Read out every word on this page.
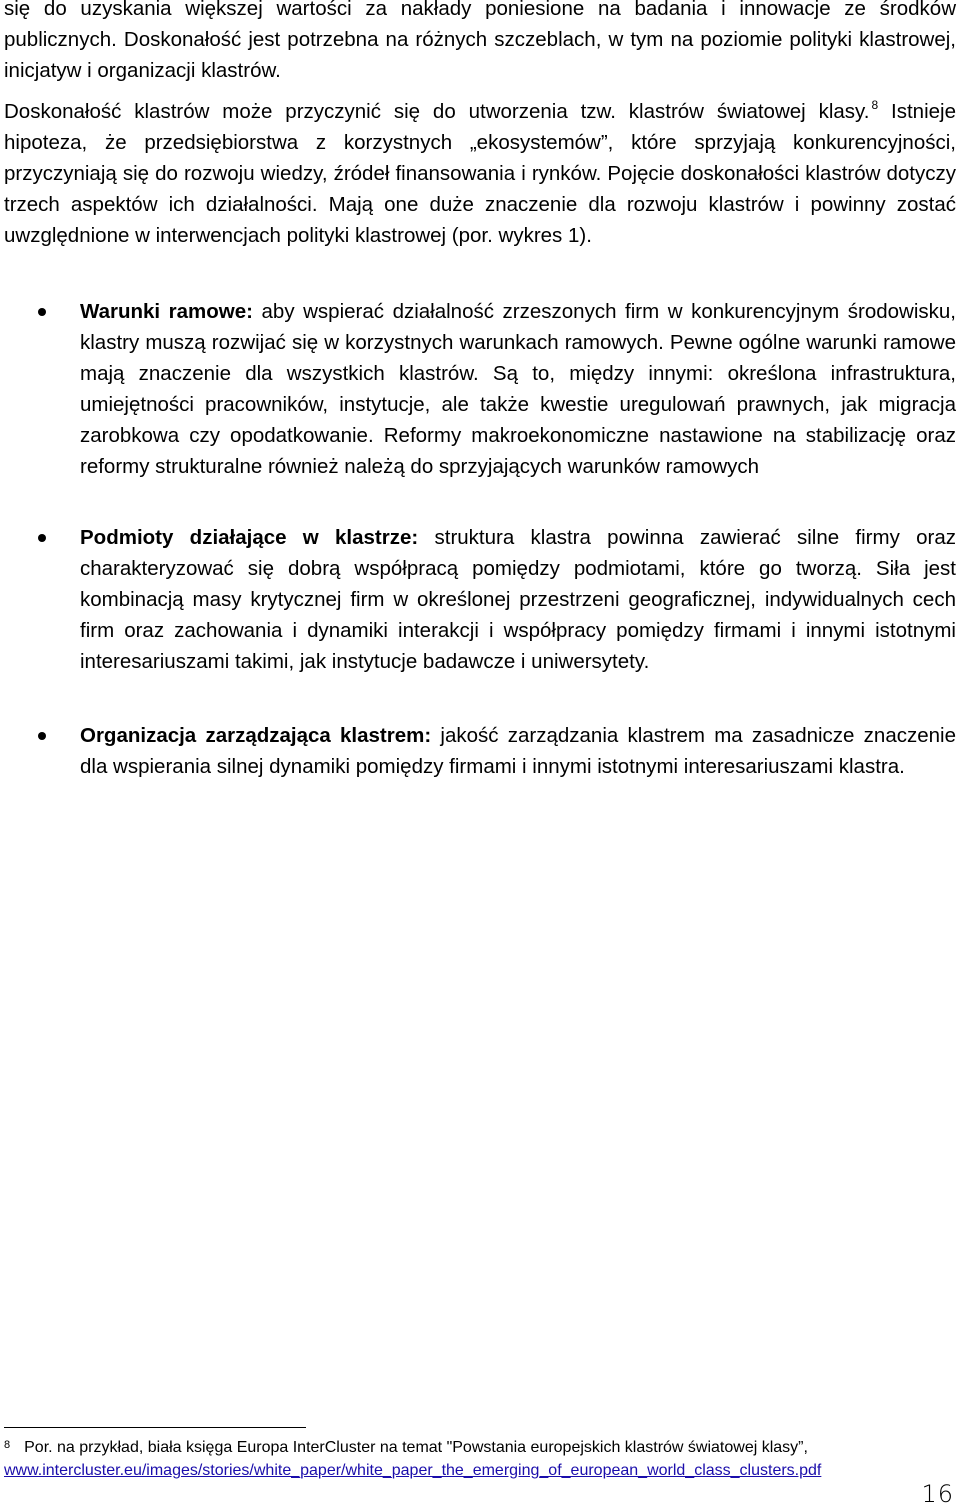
się do uzyskania większej wartości za nakłady poniesione na badania i innowacje ze środków publicznych. Doskonałość jest potrzebna na różnych szczeblach, w tym na poziomie polityki klastrowej, inicjatyw i organizacji klastrów.

Doskonałość klastrów może przyczynić się do utworzenia tzw. klastrów światowej klasy. $^8$ Istnieje hipoteza, że przedsiębiorstwa z korzystnych „ekosystemów”, które sprzyjają konkurencyjności, przyczyniają się do rozwoju wiedzy, źródeł finansowania i rynków. Pojęcie doskonałości klastrów dotyczy trzech aspektów ich działalności. Mają one duże znaczenie dla rozwoju klastrów i powinny zostać uwzględnione w interwencjach polityki klastrowej (por. wykres 1).

Warunki ramowe: aby wspierać działalność zrzeszonych firm w konkurencyjnym środowisku, klastry muszą rozwijać się w korzystnych warunkach ramowych. Pewne ogólne warunki ramowe mają znaczenie dla wszystkich klastrów. Są to, między innymi: określona infrastruktura, umiejętności pracowników, instytucje, ale także kwestie uregulowań prawnych, jak migracja zarobkowa czy opodatkowanie. Reformy makroekonomiczne nastawione na stabilizację oraz reformy strukturalne również należą do sprzyjających warunków ramowych

Podmioty działające w klastrze: struktura klastra powinna zawierać silne firmy oraz charakteryzować się dobrą współpracą pomiędzy podmiotami, które go tworzą. Siła jest kombinacją masy krytycznej firm w określonej przestrzeni geograficznej, indywidualnych cech firm oraz zachowania i dynamiki interakcji i współpracy pomiędzy firmami i innymi istotnymi interesariuszami takimi, jak instytucje badawcze i uniwersytety.

Organizacja zarządzająca klastrem: jakość zarządzania klastrem ma zasadnicze znaczenie dla wspierania silnej dynamiki pomiędzy firmami i innymi istotnymi interesariuszami klastra.

$^8$ Por. na przykład, biała księga Europa InterCluster na temat "Powstania europejskich klastrów światowej klasy”,
www.intercluster.eu/images/stories/white_paper/white_paper_the_emerging_of_european_world_class_clusters.pdf

16
